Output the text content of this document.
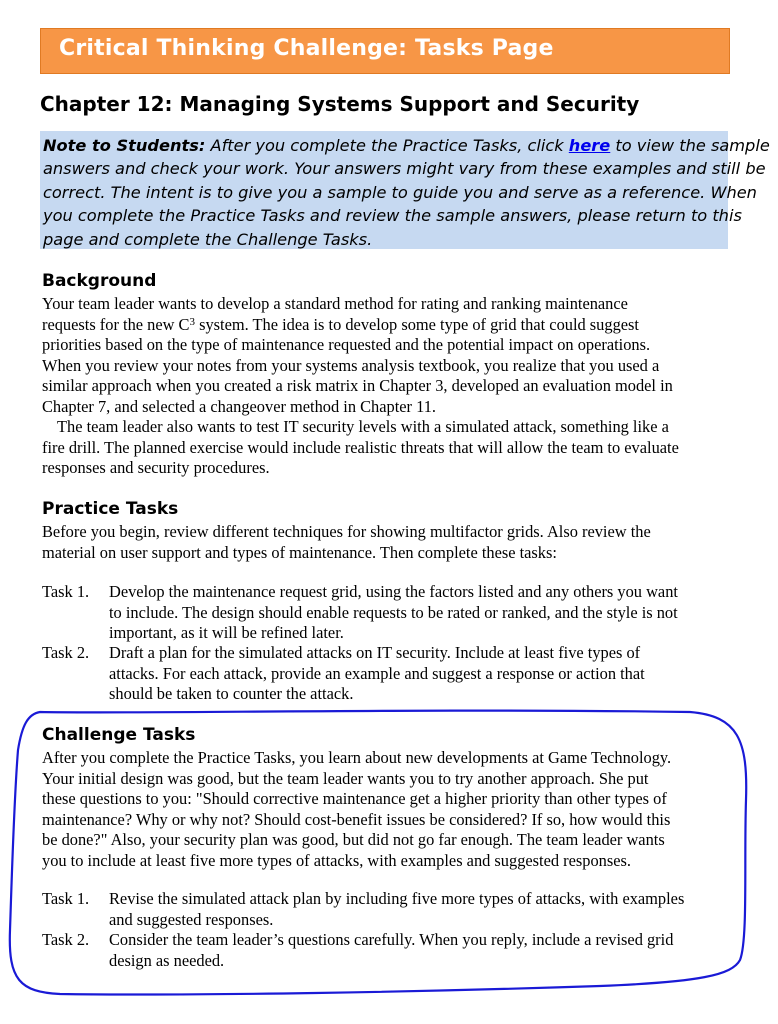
Critical Thinking Challenge: Tasks Page
Chapter 12: Managing Systems Support and Security
Note to Students: After you complete the Practice Tasks, click here to view the sample
answers and check your work. Your answers might vary from these examples and still be
correct. The intent is to give you a sample to guide you and serve as a reference. When
you complete the Practice Tasks and review the sample answers, please return to this
page and complete the Challenge Tasks.
Background
Your team leader wants to develop a standard method for rating and ranking maintenance
requests for the new $C^3$ system. The idea is to develop some type of grid that could suggest
priorities based on the type of maintenance requested and the potential impact on operations.
When you review your notes from your systems analysis textbook, you realize that you used a
similar approach when you created a risk matrix in Chapter 3, developed an evaluation model in
Chapter 7, and selected a changeover method in Chapter 11.
The team leader also wants to test IT security levels with a simulated attack, something like a
fire drill. The planned exercise would include realistic threats that will allow the team to evaluate
responses and security procedures.
Practice Tasks
Before you begin, review different techniques for showing multifactor grids. Also review the
material on user support and types of maintenance. Then complete these tasks:
Task 1. Develop the maintenance request grid, using the factors listed and any others you want
to include. The design should enable requests to be rated or ranked, and the style is not
important, as it will be refined later.
Task 2. Draft a plan for the simulated attacks on IT security. Include at least five types of
attacks. For each attack, provide an example and suggest a response or action that
should be taken to counter the attack.
Challenge Tasks
After you complete the Practice Tasks, you learn about new developments at Game Technology.
Your initial design was good, but the team leader wants you to try another approach. She put
these questions to you: "Should corrective maintenance get a higher priority than other types of
maintenance? Why or why not? Should cost-benefit issues be considered? If so, how would this
be done?" Also, your security plan was good, but did not go far enough. The team leader wants
you to include at least five more types of attacks, with examples and suggested responses.
Task 1. Revise the simulated attack plan by including five more types of attacks, with examples
and suggested responses.
Task 2. Consider the team leader’s questions carefully. When you reply, include a revised grid
design as needed.
